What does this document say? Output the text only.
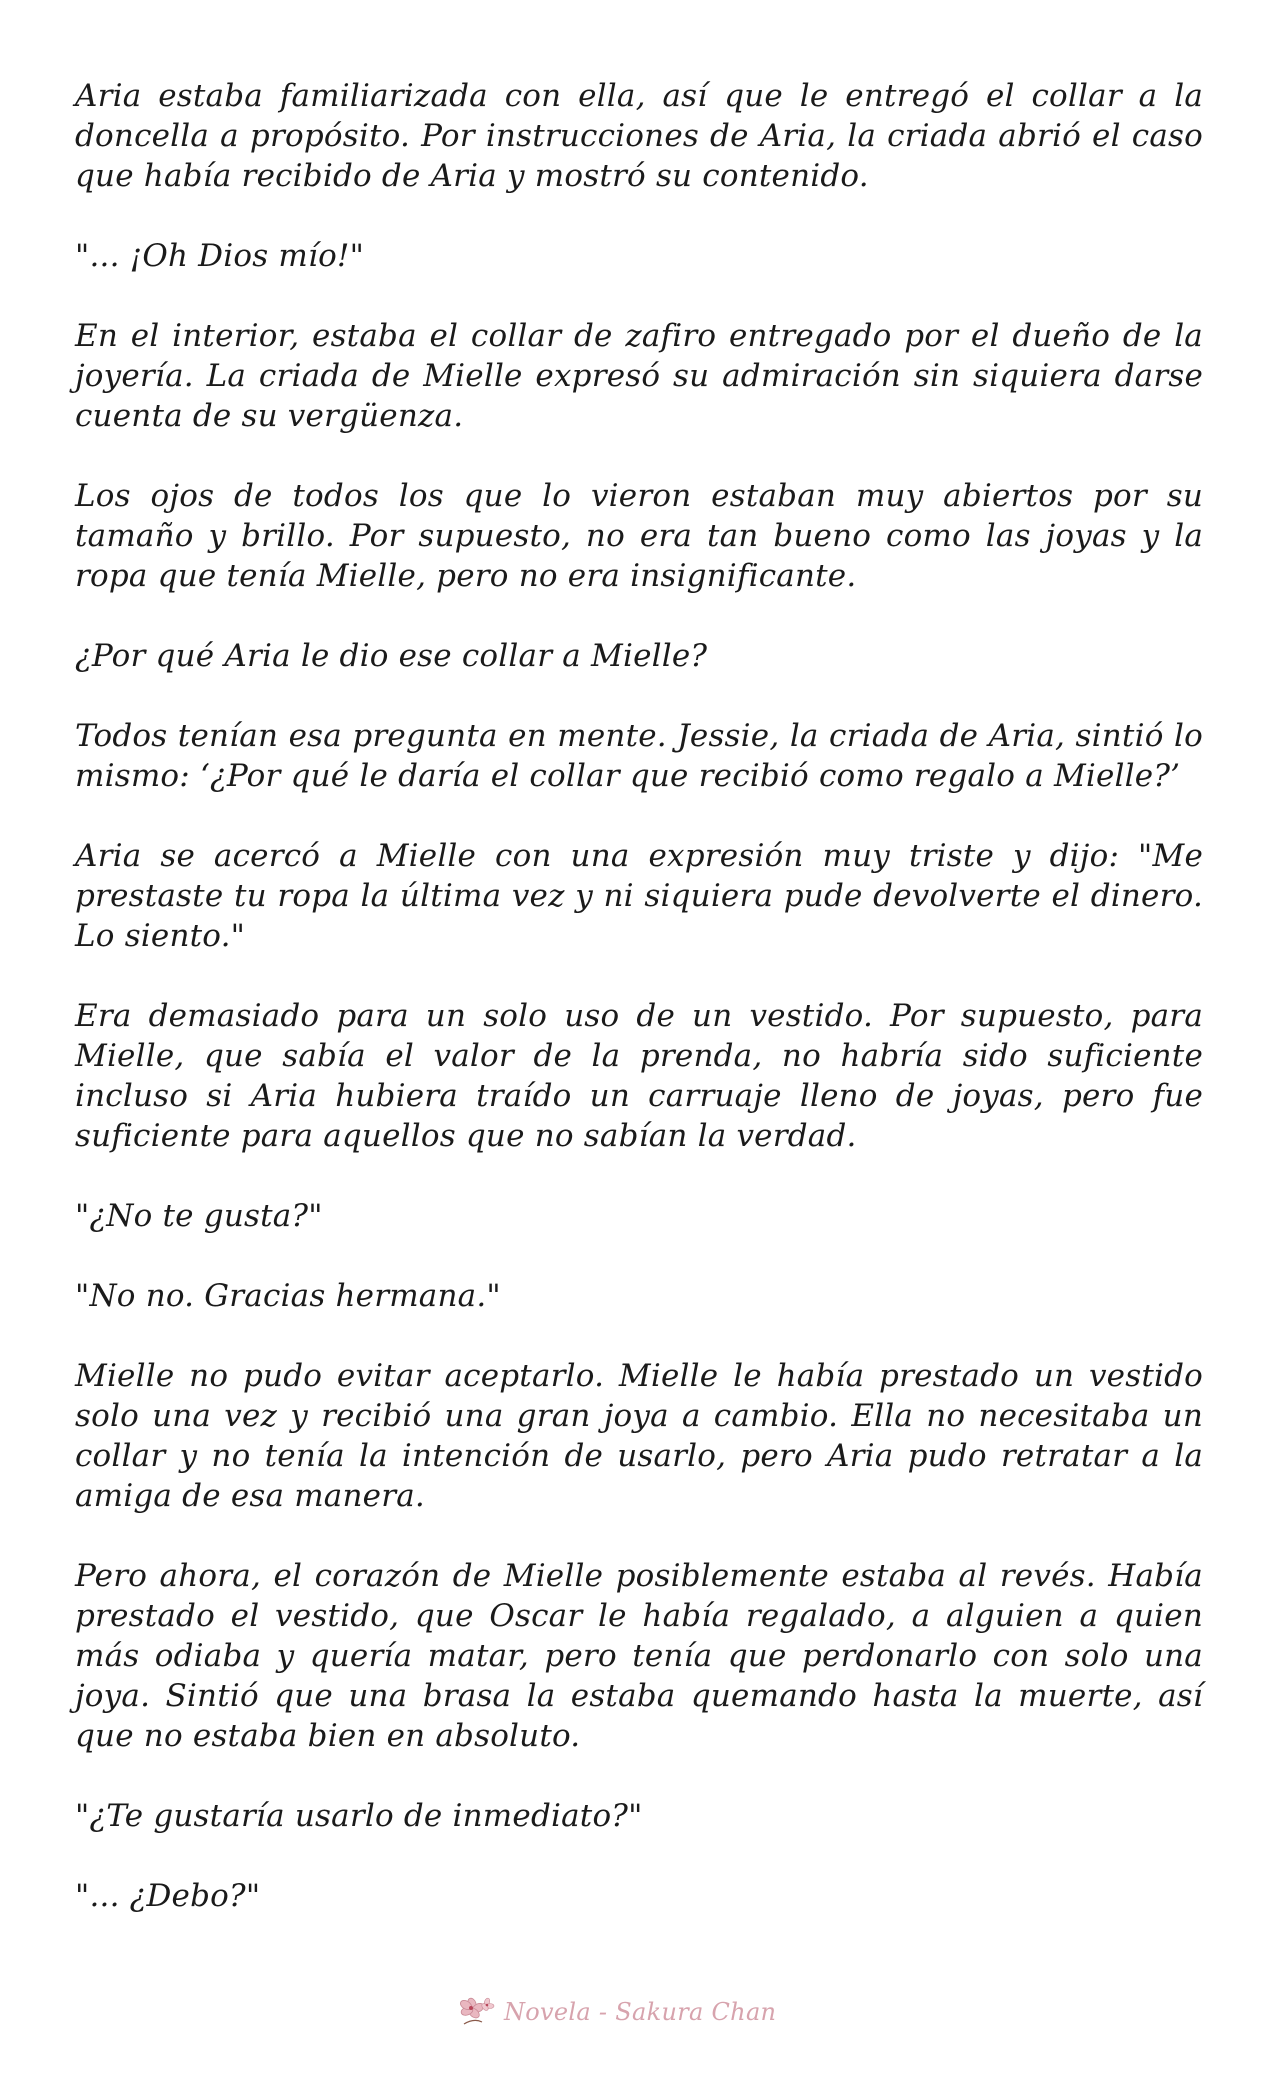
Aria estaba familiarizada con ella, así que le entregó el collar a la doncella a propósito. Por instrucciones de Aria, la criada abrió el caso que había recibido de Aria y mostró su contenido.

"... ¡Oh Dios mío!"

En el interior, estaba el collar de zafiro entregado por el dueño de la joyería. La criada de Mielle expresó su admiración sin siquiera darse cuenta de su vergüenza.

Los ojos de todos los que lo vieron estaban muy abiertos por su tamaño y brillo. Por supuesto, no era tan bueno como las joyas y la ropa que tenía Mielle, pero no era insignificante.

¿Por qué Aria le dio ese collar a Mielle?

Todos tenían esa pregunta en mente. Jessie, la criada de Aria, sintió lo mismo: ‘¿Por qué le daría el collar que recibió como regalo a Mielle?’

Aria se acercó a Mielle con una expresión muy triste y dijo: "Me prestaste tu ropa la última vez y ni siquiera pude devolverte el dinero. Lo siento."

Era demasiado para un solo uso de un vestido. Por supuesto, para Mielle, que sabía el valor de la prenda, no habría sido suficiente incluso si Aria hubiera traído un carruaje lleno de joyas, pero fue suficiente para aquellos que no sabían la verdad.

"¿No te gusta?"

"No no. Gracias hermana."

Mielle no pudo evitar aceptarlo. Mielle le había prestado un vestido solo una vez y recibió una gran joya a cambio. Ella no necesitaba un collar y no tenía la intención de usarlo, pero Aria pudo retratar a la amiga de esa manera.

Pero ahora, el corazón de Mielle posiblemente estaba al revés. Había prestado el vestido, que Oscar le había regalado, a alguien a quien más odiaba y quería matar, pero tenía que perdonarlo con solo una joya. Sintió que una brasa la estaba quemando hasta la muerte, así que no estaba bien en absoluto.

"¿Te gustaría usarlo de inmediato?"

"... ¿Debo?"

Novela - Sakura Chan
